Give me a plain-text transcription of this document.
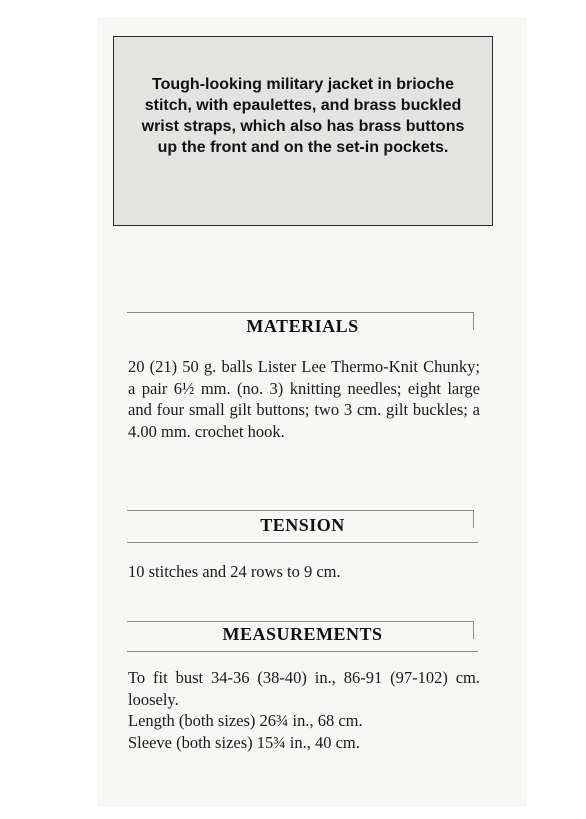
Tough-looking military jacket in brioche stitch, with epaulettes, and brass buckled wrist straps, which also has brass buttons up the front and on the set-in pockets.

MATERIALS

20 (21) 50 g. balls Lister Lee Thermo-Knit Chunky; a pair 6½ mm. (no. 3) knitting needles; eight large and four small gilt buttons; two 3 cm. gilt buckles; a 4.00 mm. crochet hook.

TENSION

10 stitches and 24 rows to 9 cm.

MEASUREMENTS

To fit bust 34-36 (38-40) in., 86-91 (97-102) cm. loosely.

Length (both sizes) 26¾ in., 68 cm.

Sleeve (both sizes) 15¾ in., 40 cm.
